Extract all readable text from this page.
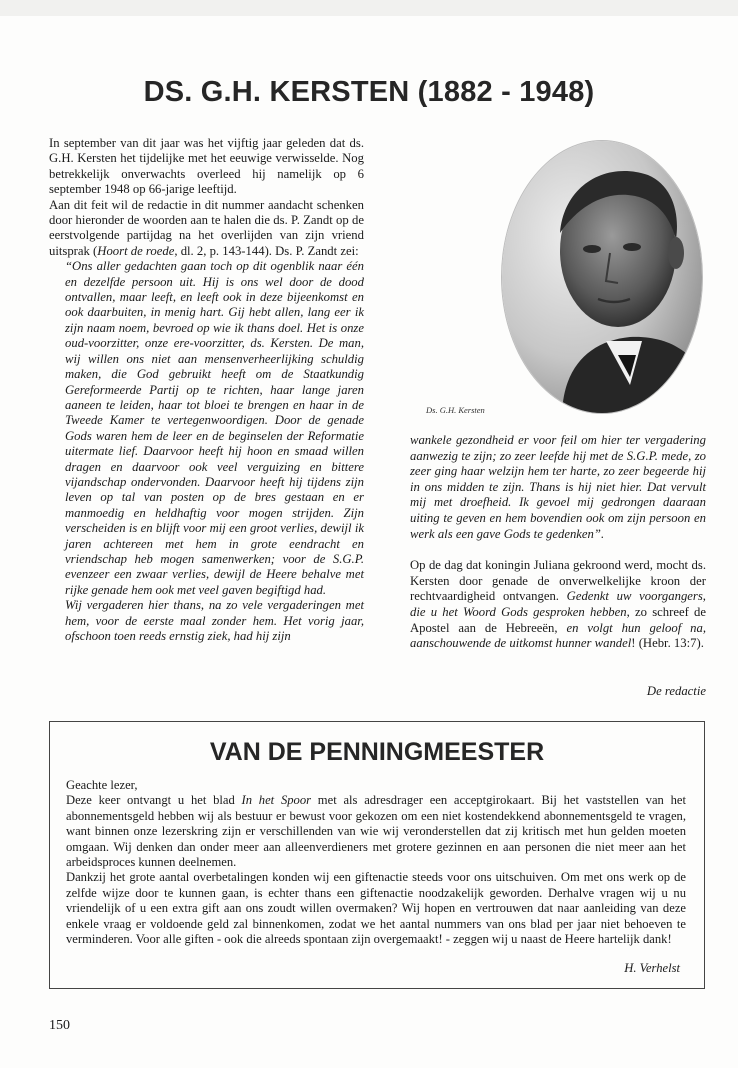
DS. G.H. KERSTEN (1882 - 1948)

In september van dit jaar was het vijftig jaar geleden dat ds. G.H. Kersten het tijdelijke met het eeuwige verwisselde. Nog betrekkelijk onverwachts overleed hij namelijk op 6 september 1948 op 66-jarige leeftijd.

Aan dit feit wil de redactie in dit nummer aandacht schenken door hieronder de woorden aan te halen die ds. P. Zandt op de eerstvolgende partijdag na het overlijden van zijn vriend uitsprak (Hoort de roede, dl. 2, p. 143-144). Ds. P. Zandt zei:

“Ons aller gedachten gaan toch op dit ogenblik naar één en dezelfde persoon uit. Hij is ons wel door de dood ontvallen, maar leeft, en leeft ook in deze bijeenkomst en ook daarbuiten, in menig hart. Gij hebt allen, lang eer ik zijn naam noem, bevroed op wie ik thans doel. Het is onze oud-voorzitter, onze ere-voorzitter, ds. Kersten. De man, wij willen ons niet aan mensenverheerlijking schuldig maken, die God gebruikt heeft om de Staatkundig Gereformeerde Partij op te richten, haar lange jaren aaneen te leiden, haar tot bloei te brengen en haar in de Tweede Kamer te vertegenwoordigen. Door de genade Gods waren hem de leer en de beginselen der Reformatie uitermate lief. Daarvoor heeft hij hoon en smaad willen dragen en daarvoor ook veel verguizing en bittere vijandschap ondervonden. Daarvoor heeft hij tijdens zijn leven op tal van posten op de bres gestaan en er manmoedig en heldhaftig voor mogen strijden. Zijn verscheiden is en blijft voor mij een groot verlies, dewijl ik jaren achtereen met hem in grote eendracht en vriendschap heb mogen samenwerken; voor de S.G.P. evenzeer een zwaar verlies, dewijl de Heere behalve met rijke genade hem ook met veel gaven begiftigd had.

Wij vergaderen hier thans, na zo vele vergaderingen met hem, voor de eerste maal zonder hem. Het vorig jaar, ofschoon toen reeds ernstig ziek, had hij zijn

Ds. G.H. Kersten

wankele gezondheid er voor feil om hier ter vergadering aanwezig te zijn; zo zeer leefde hij met de S.G.P. mede, zo zeer ging haar welzijn hem ter harte, zo zeer begeerde hij in ons midden te zijn. Thans is hij niet hier. Dat vervult mij met droefheid. Ik gevoel mij gedrongen daaraan uiting te geven en hem bovendien ook om zijn persoon en werk als een gave Gods te gedenken”.

Op de dag dat koningin Juliana gekroond werd, mocht ds. Kersten door genade de onverwelkelijke kroon der rechtvaardigheid ontvangen. Gedenkt uw voorgangers, die u het Woord Gods gesproken hebben, zo schreef de Apostel aan de Hebreeën, en volgt hun geloof na, aanschouwende de uitkomst hunner wandel! (Hebr. 13:7).

De redactie
VAN DE PENNINGMEESTER

Geachte lezer,

Deze keer ontvangt u het blad In het Spoor met als adresdrager een acceptgirokaart. Bij het vaststellen van het abonnementsgeld hebben wij als bestuur er bewust voor gekozen om een niet kostendekkend abonnementsgeld te vragen, want binnen onze lezerskring zijn er verschillenden van wie wij veronderstellen dat zij kritisch met hun gelden moeten omgaan. Wij denken dan onder meer aan alleenverdieners met grotere gezinnen en aan personen die niet meer aan het arbeidsproces kunnen deelnemen.

Dankzij het grote aantal overbetalingen konden wij een giftenactie steeds voor ons uitschuiven. Om met ons werk op de zelfde wijze door te kunnen gaan, is echter thans een giftenactie noodzakelijk geworden. Derhalve vragen wij u nu vriendelijk of u een extra gift aan ons zoudt willen overmaken? Wij hopen en vertrouwen dat naar aanleiding van deze enkele vraag er voldoende geld zal binnenkomen, zodat we het aantal nummers van ons blad per jaar niet behoeven te verminderen. Voor alle giften - ook die alreeds spontaan zijn overgemaakt! - zeggen wij u naast de Heere hartelijk dank!

H. Verhelst
150
